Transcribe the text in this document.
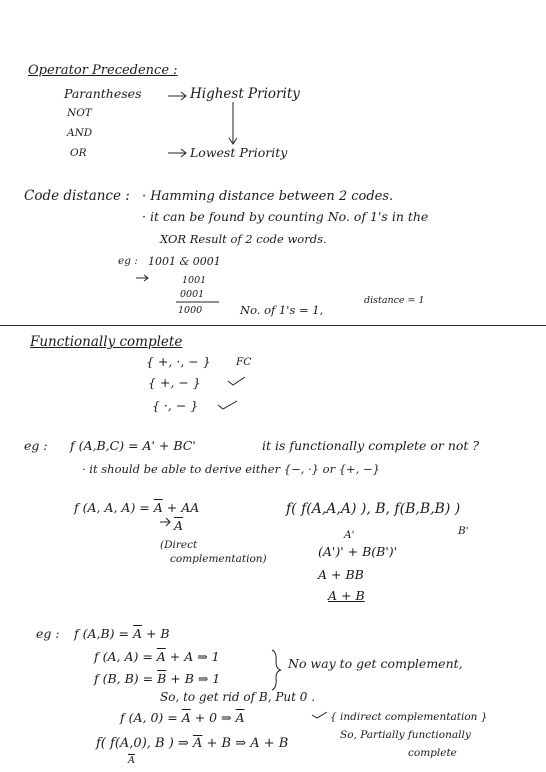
Operator Precedence :
Parantheses
NOT
AND
OR
Highest Priority
Lowest Priority
Code distance : · Hamming distance between 2 codes.
· it can be found by counting No. of 1's in the
XOR Result of 2 code words.
eg : 1001 & 0001
1001
0001
1000	No. of 1's = 1,
distance = 1
Functionally complete
{ +, ·, − } FC
{ +, − }
{ ·, − }
eg : f (A,B,C) = A' + BC'	it is functionally complete or not ?
· it should be able to derive either {−, ·} or {+, −}
f (A, A, $A) = \overline{A}$ + AA
$\overline{A}$
(Direct
complementation)
f( f(A,A,A) ), B, f(B,B,B) )
A'	B'
(A')' + B(B')'
A + BB
A + B
eg : f $(A,B) = \overline{A} + B$
f (A, $A) = \overline{A} + A$ ⇒ 1
f (B, $B) = \overline{B} + B$ ⇒ 1
No way to get complement,
So, to get rid of B, Put 0 .
f (A, $0) = \overline{A} + 0$ ⇒ $\overline{A}$	{ indirect complementation }
f( f(A,0), B ) ⇒ $\overline{A} + B$ ⇒ A + B
$\overline{A}$
So, Partially functionally
complete
